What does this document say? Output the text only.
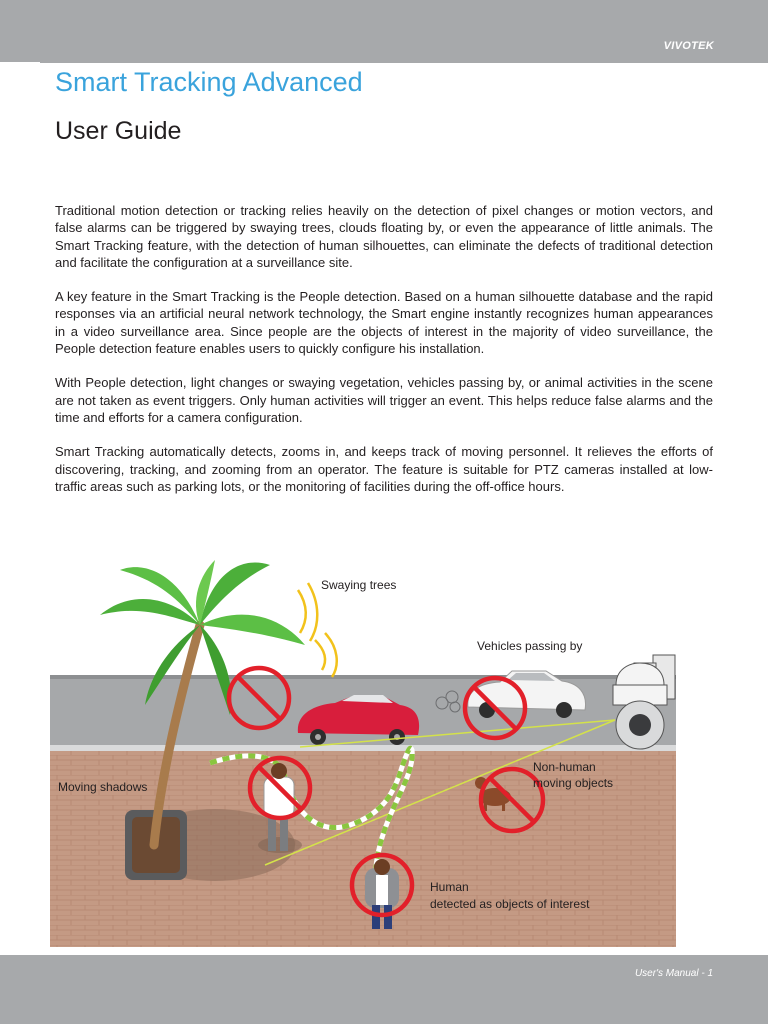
VIVOTEK
Smart Tracking Advanced
User Guide

Traditional motion detection or tracking relies heavily on the detection of pixel changes or motion vectors, and false alarms can be triggered by swaying trees, clouds floating by, or even the appearance of little animals. The Smart Tracking feature, with the detection of human silhouettes, can eliminate the defects of traditional detection and facilitate the configuration at a surveillance site.

A key feature in the Smart Tracking is the People detection. Based on a human silhouette database and the rapid responses via an artificial neural network technology, the Smart engine instantly recognizes human appearances in a video surveillance area. Since people are the objects of interest in the majority of video surveillance, the People detection feature enables users to quickly configure his installation.

With People detection, light changes or swaying vegetation, vehicles passing by, or animal activities in the scene are not taken as event triggers. Only human activities will trigger an event. This helps reduce false alarms and the time and efforts for a camera configuration.

Smart Tracking automatically detects, zooms in, and keeps track of moving personnel. It relieves the efforts of discovering, tracking, and zooming from an operator. The feature is suitable for PTZ cameras installed at low-traffic areas such as parking lots, or the monitoring of facilities during the off-office hours.

Swaying trees
Vehicles passing by
Moving shadows
Non-human
moving objects
Human
detected as objects of interest
User's Manual - 1
